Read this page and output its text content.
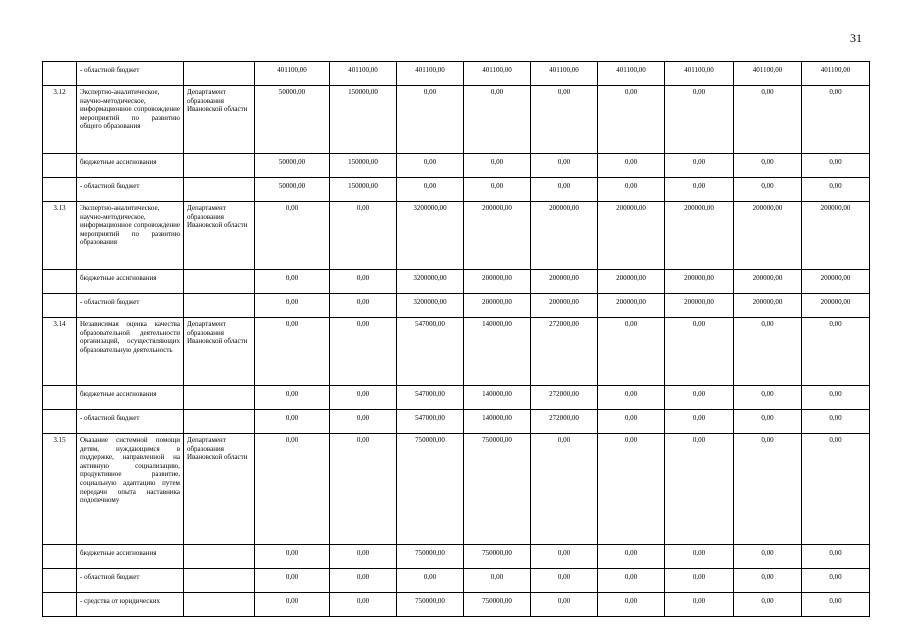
31
	- областной бюджет		401100,00	401100,00	401100,00	401100,00	401100,00	401100,00	401100,00	401100,00	401100,00
3.12	Экспертно-аналитическое, научно-методическое, информационное сопровождение мероприятий по развитию общего образования	Департамент образования Ивановской области	50000,00	150000,00	0,00	0,00	0,00	0,00	0,00	0,00	0,00
	бюджетные ассигнования		50000,00	150000,00	0,00	0,00	0,00	0,00	0,00	0,00	0,00
	- областной бюджет		50000,00	150000,00	0,00	0,00	0,00	0,00	0,00	0,00	0,00
3.13	Экспертно-аналитическое, научно-методическое, информационное сопровождение мероприятий по развитию образования	Департамент образования Ивановской области	0,00	0,00	3200000,00	200000,00	200000,00	200000,00	200000,00	200000,00	200000,00
	бюджетные ассигнования		0,00	0,00	3200000,00	200000,00	200000,00	200000,00	200000,00	200000,00	200000,00
	- областной бюджет		0,00	0,00	3200000,00	200000,00	200000,00	200000,00	200000,00	200000,00	200000,00
3.14	Независимая оценка качества образовательной деятельности организаций, осуществляющих образовательную деятельность	Департамент образования Ивановской области	0,00	0,00	547000,00	140000,00	272000,00	0,00	0,00	0,00	0,00
	бюджетные ассигнования		0,00	0,00	547000,00	140000,00	272000,00	0,00	0,00	0,00	0,00
	- областной бюджет		0,00	0,00	547000,00	140000,00	272000,00	0,00	0,00	0,00	0,00
3.15	Оказание системной помощи детям, нуждающимся в поддержке, направленной на активную социализацию, продуктивное развитие, социальную адаптацию путем передачи опыта наставника подопечному	Департамент образования Ивановской области	0,00	0,00	750000,00	750000,00	0,00	0,00	0,00	0,00	0,00
	бюджетные ассигнования		0,00	0,00	750000,00	750000,00	0,00	0,00	0,00	0,00	0,00
	- областной бюджет		0,00	0,00	0,00	0,00	0,00	0,00	0,00	0,00	0,00
	- средства от юридических		0,00	0,00	750000,00	750000,00	0,00	0,00	0,00	0,00	0,00
